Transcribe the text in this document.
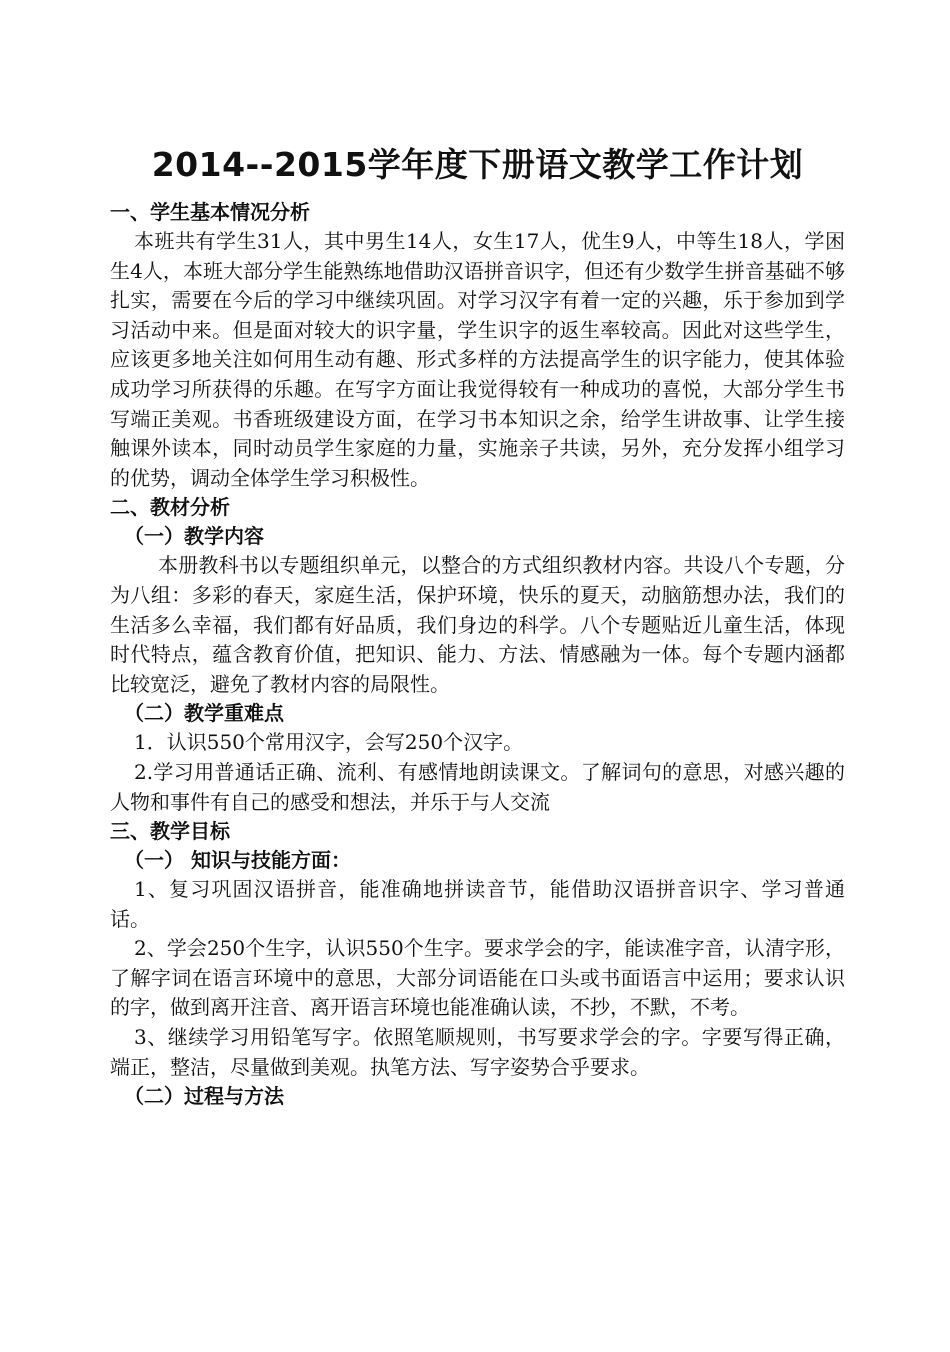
2014--2015学年度下册语文教学工作计划
一、学生基本情况分析

本班共有学生31人，其中男生14人，女生17人，优生9人，中等生18人，学困生4人，本班大部分学生能熟练地借助汉语拼音识字，但还有少数学生拼音基础不够扎实，需要在今后的学习中继续巩固。对学习汉字有着一定的兴趣，乐于参加到学习活动中来。但是面对较大的识字量，学生识字的返生率较高。因此对这些学生，应该更多地关注如何用生动有趣、形式多样的方法提高学生的识字能力，使其体验成功学习所获得的乐趣。在写字方面让我觉得较有一种成功的喜悦，大部分学生书写端正美观。书香班级建设方面，在学习书本知识之余，给学生讲故事、让学生接触课外读本，同时动员学生家庭的力量，实施亲子共读，另外，充分发挥小组学习的优势，调动全体学生学习积极性。

二、教材分析
（一）教学内容

本册教科书以专题组织单元，以整合的方式组织教材内容。共设八个专题，分为八组：多彩的春天，家庭生活，保护环境，快乐的夏天，动脑筋想办法，我们的生活多么幸福，我们都有好品质，我们身边的科学。八个专题贴近儿童生活，体现时代特点，蕴含教育价值，把知识、能力、方法、情感融为一体。每个专题内涵都比较宽泛，避免了教材内容的局限性。

（二）教学重难点

1．认识550个常用汉字，会写250个汉字。

2.学习用普通话正确、流利、有感情地朗读课文。了解词句的意思，对感兴趣的人物和事件有自己的感受和想法，并乐于与人交流

三、教学目标
（一） 知识与技能方面：

1、复习巩固汉语拼音，能准确地拼读音节，能借助汉语拼音识字、学习普通话。

2、学会250个生字，认识550个生字。要求学会的字，能读准字音，认清字形，了解字词在语言环境中的意思，大部分词语能在口头或书面语言中运用；要求认识的字，做到离开注音、离开语言环境也能准确认读，不抄，不默，不考。

3、继续学习用铅笔写字。依照笔顺规则，书写要求学会的字。字要写得正确，端正，整洁，尽量做到美观。执笔方法、写字姿势合乎要求。

（二）过程与方法
